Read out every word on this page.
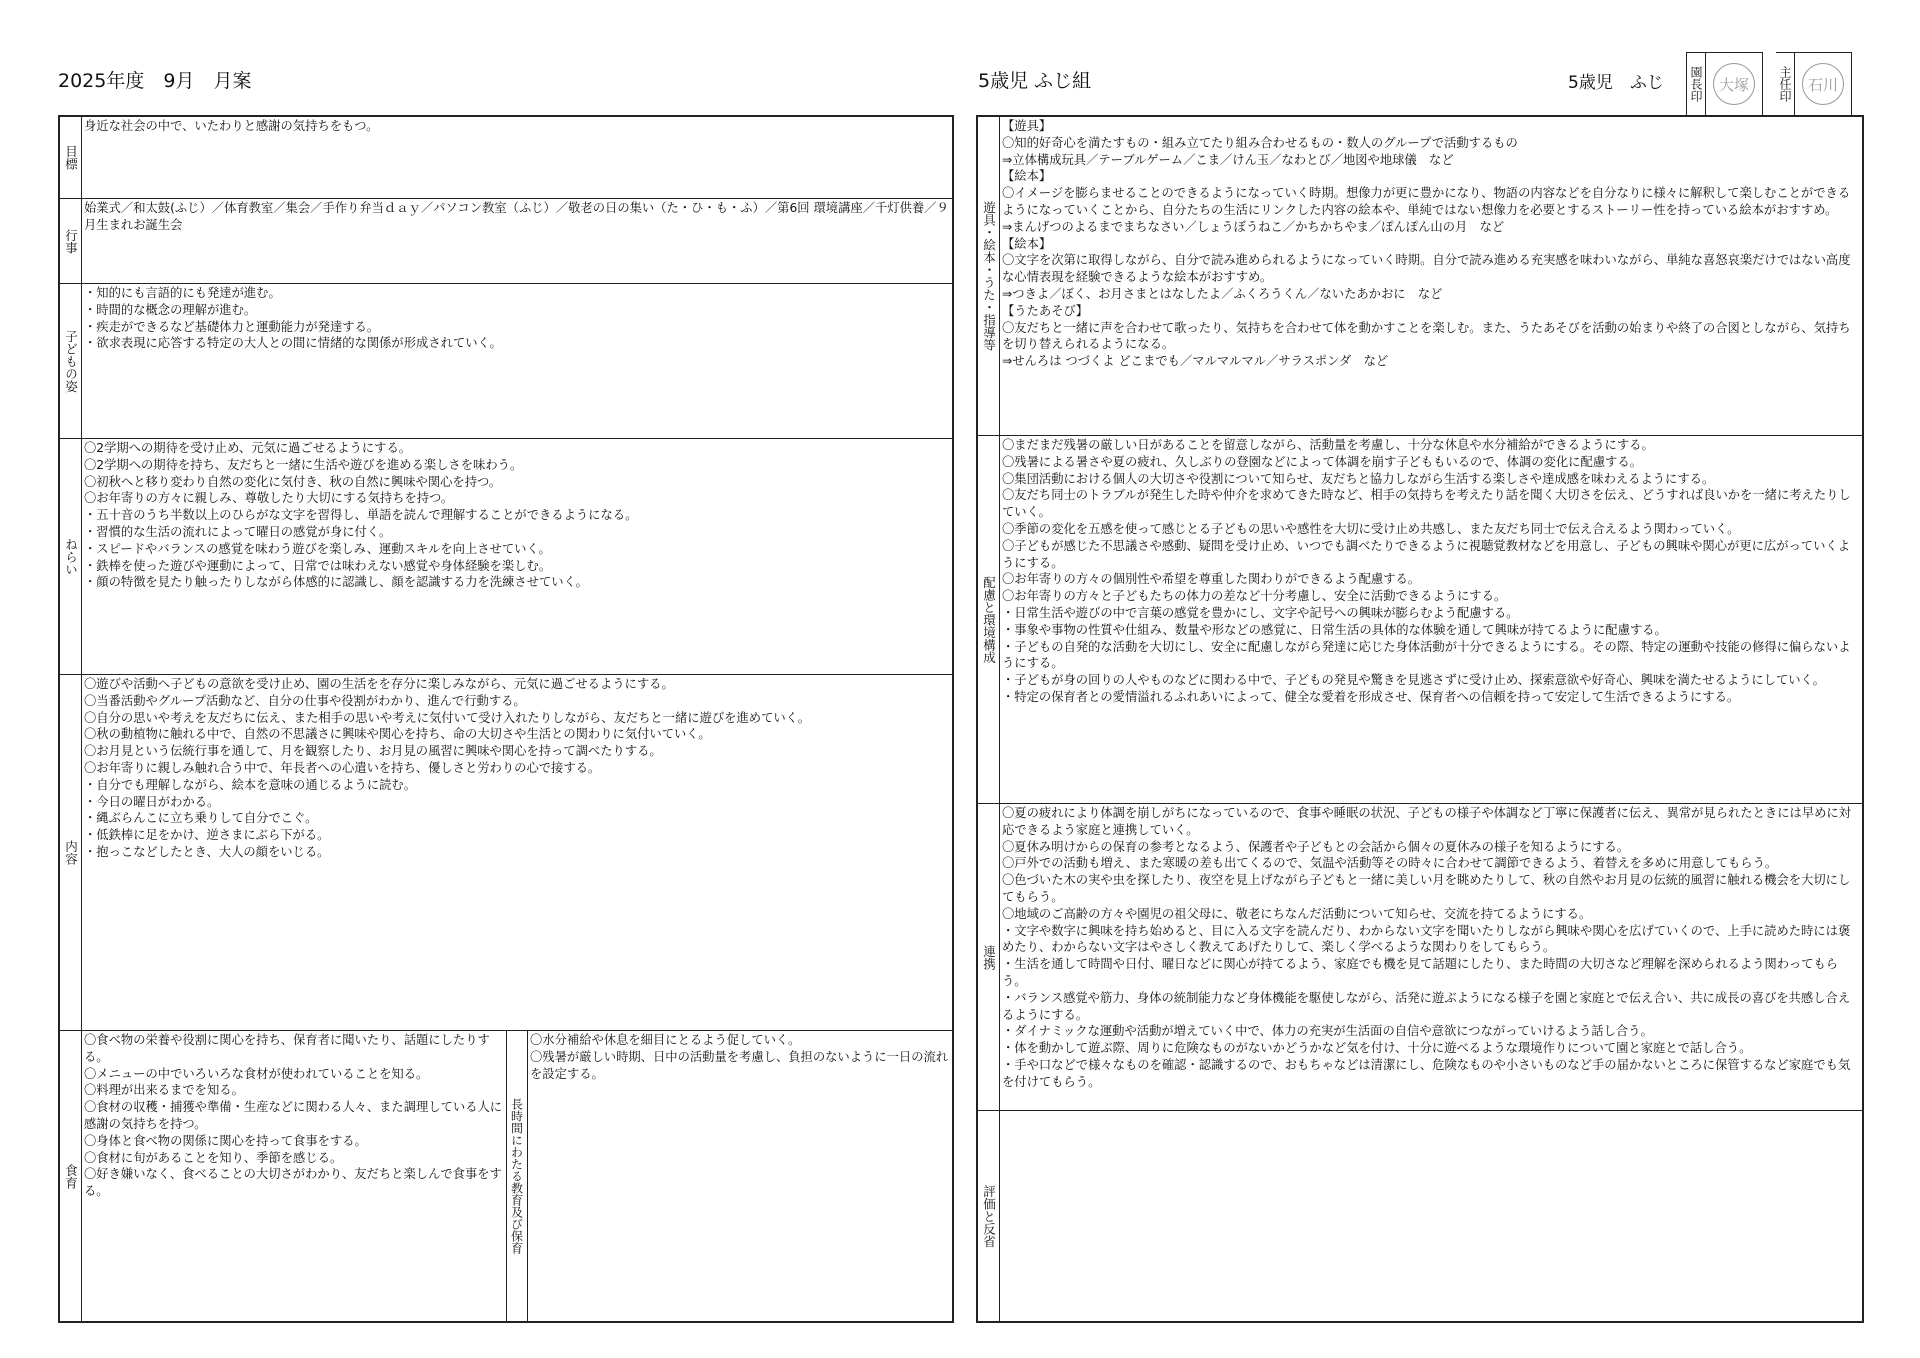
2025年度　9月　月案	5歳児 ふじ組	5歳児　ふじ 園長印	大塚	主任印	石川
目標
身近な社会の中で、いたわりと感謝の気持ちをもつ。
行事
始業式／和太鼓(ふじ）／体育教室／集会／手作り弁当ｄａｙ／パソコン教室（ふじ）／敬老の日の集い（た・ひ・も・ふ）／第6回 環境講座／千灯供養／９月生まれお誕生会
子どもの姿
・知的にも言語的にも発達が進む。
・時間的な概念の理解が進む。
・疾走ができるなど基礎体力と運動能力が発達する。
・欲求表現に応答する特定の大人との間に情緒的な関係が形成されていく。
ねらい
〇2学期への期待を受け止め、元気に過ごせるようにする。
〇2学期への期待を持ち、友だちと一緒に生活や遊びを進める楽しさを味わう。
〇初秋へと移り変わり自然の変化に気付き、秋の自然に興味や関心を持つ。
〇お年寄りの方々に親しみ、尊敬したり大切にする気持ちを持つ。
・五十音のうち半数以上のひらがな文字を習得し、単語を読んで理解することができるようになる。
・習慣的な生活の流れによって曜日の感覚が身に付く。
・スピードやバランスの感覚を味わう遊びを楽しみ、運動スキルを向上させていく。
・鉄棒を使った遊びや運動によって、日常では味わえない感覚や身体経験を楽しむ。
・顔の特徴を見たり触ったりしながら体感的に認識し、顔を認識する力を洗練させていく。
内容
〇遊びや活動へ子どもの意欲を受け止め、園の生活をを存分に楽しみながら、元気に過ごせるようにする。
〇当番活動やグループ活動など、自分の仕事や役割がわかり、進んで行動する。
〇自分の思いや考えを友だちに伝え、また相手の思いや考えに気付いて受け入れたりしながら、友だちと一緒に遊びを進めていく。
〇秋の動植物に触れる中で、自然の不思議さに興味や関心を持ち、命の大切さや生活との関わりに気付いていく。
〇お月見という伝統行事を通して、月を観察したり、お月見の風習に興味や関心を持って調べたりする。
〇お年寄りに親しみ触れ合う中で、年長者への心遣いを持ち、優しさと労わりの心で接する。
・自分でも理解しながら、絵本を意味の通じるように読む。
・今日の曜日がわかる。
・縄ぶらんこに立ち乗りして自分でこぐ。
・低鉄棒に足をかけ、逆さまにぶら下がる。
・抱っこなどしたとき、大人の顔をいじる。
食育
〇食べ物の栄養や役割に関心を持ち、保育者に聞いたり、話題にしたりする。
〇メニューの中でいろいろな食材が使われていることを知る。
〇料理が出来るまでを知る。
〇食材の収穫・捕獲や準備・生産などに関わる人々、また調理している人に感謝の気持ちを持つ。
〇身体と食べ物の関係に関心を持って食事をする。
〇食材に旬があることを知り、季節を感じる。
〇好き嫌いなく、食べることの大切さがわかり、友だちと楽しんで食事をする。	長時間にわたる教育及び保育
〇水分補給や休息を細目にとるよう促していく。
〇残暑が厳しい時期、日中の活動量を考慮し、負担のないように一日の流れを設定する。
遊具・絵本・うた・指導等
【遊具】
〇知的好奇心を満たすもの・組み立てたり組み合わせるもの・数人のグループで活動するもの
⇒立体構成玩具／テーブルゲーム／こま／けん玉／なわとび／地図や地球儀　など
【絵本】
〇イメージを膨らませることのできるようになっていく時期。想像力が更に豊かになり、物語の内容などを自分なりに様々に解釈して楽しむことができるようになっていくことから、自分たちの生活にリンクした内容の絵本や、単純ではない想像力を必要とするストーリー性を持っている絵本がおすすめ。
⇒まんげつのよるまでまちなさい／しょうぼうねこ／かちかちやま／ぽんぽん山の月　など
【絵本】
〇文字を次第に取得しながら、自分で読み進められるようになっていく時期。自分で読み進める充実感を味わいながら、単純な喜怒哀楽だけではない高度な心情表現を経験できるような絵本がおすすめ。
⇒つきよ／ぼく、お月さまとはなしたよ／ふくろうくん／ないたあかおに　など
【うたあそび】
〇友だちと一緒に声を合わせて歌ったり、気持ちを合わせて体を動かすことを楽しむ。また、うたあそびを活動の始まりや終了の合図としながら、気持ちを切り替えられるようになる。
⇒せんろは つづくよ どこまでも／マルマルマル／サラスポンダ　など
配慮と環境構成
〇まだまだ残暑の厳しい日があることを留意しながら、活動量を考慮し、十分な休息や水分補給ができるようにする。
〇残暑による暑さや夏の疲れ、久しぶりの登園などによって体調を崩す子どももいるので、体調の変化に配慮する。
〇集団活動における個人の大切さや役割について知らせ、友だちと協力しながら生活する楽しさや達成感を味わえるようにする。
〇友だち同士のトラブルが発生した時や仲介を求めてきた時など、相手の気持ちを考えたり話を聞く大切さを伝え、どうすれば良いかを一緒に考えたりしていく。
〇季節の変化を五感を使って感じとる子どもの思いや感性を大切に受け止め共感し、また友だち同士で伝え合えるよう関わっていく。
〇子どもが感じた不思議さや感動、疑問を受け止め、いつでも調べたりできるように視聴覚教材などを用意し、子どもの興味や関心が更に広がっていくようにする。
〇お年寄りの方々の個別性や希望を尊重した関わりができるよう配慮する。
〇お年寄りの方々と子どもたちの体力の差など十分考慮し、安全に活動できるようにする。
・日常生活や遊びの中で言葉の感覚を豊かにし、文字や記号への興味が膨らむよう配慮する。
・事象や事物の性質や仕組み、数量や形などの感覚に、日常生活の具体的な体験を通して興味が持てるように配慮する。
・子どもの自発的な活動を大切にし、安全に配慮しながら発達に応じた身体活動が十分できるようにする。その際、特定の運動や技能の修得に偏らないようにする。
・子どもが身の回りの人やものなどに関わる中で、子どもの発見や驚きを見逃さずに受け止め、探索意欲や好奇心、興味を満たせるようにしていく。
・特定の保育者との愛情溢れるふれあいによって、健全な愛着を形成させ、保育者への信頼を持って安定して生活できるようにする。
連携
〇夏の疲れにより体調を崩しがちになっているので、食事や睡眠の状況、子どもの様子や体調など丁寧に保護者に伝え、異常が見られたときには早めに対応できるよう家庭と連携していく。
〇夏休み明けからの保育の参考となるよう、保護者や子どもとの会話から個々の夏休みの様子を知るようにする。
〇戸外での活動も増え、また寒暖の差も出てくるので、気温や活動等その時々に合わせて調節できるよう、着替えを多めに用意してもらう。
〇色づいた木の実や虫を探したり、夜空を見上げながら子どもと一緒に美しい月を眺めたりして、秋の自然やお月見の伝統的風習に触れる機会を大切にしてもらう。
〇地域のご高齢の方々や園児の祖父母に、敬老にちなんだ活動について知らせ、交流を持てるようにする。
・文字や数字に興味を持ち始めると、目に入る文字を読んだり、わからない文字を聞いたりしながら興味や関心を広げていくので、上手に読めた時には褒めたり、わからない文字はやさしく教えてあげたりして、楽しく学べるような関わりをしてもらう。
・生活を通して時間や日付、曜日などに関心が持てるよう、家庭でも機を見て話題にしたり、また時間の大切さなど理解を深められるよう関わってもらう。
・バランス感覚や筋力、身体の統制能力など身体機能を駆使しながら、活発に遊ぶようになる様子を園と家庭とで伝え合い、共に成長の喜びを共感し合えるようにする。
・ダイナミックな運動や活動が増えていく中で、体力の充実が生活面の自信や意欲につながっていけるよう話し合う。
・体を動かして遊ぶ際、周りに危険なものがないかどうかなど気を付け、十分に遊べるような環境作りについて園と家庭とで話し合う。
・手や口などで様々なものを確認・認識するので、おもちゃなどは清潔にし、危険なものや小さいものなど手の届かないところに保管するなど家庭でも気を付けてもらう。
評価と反省
